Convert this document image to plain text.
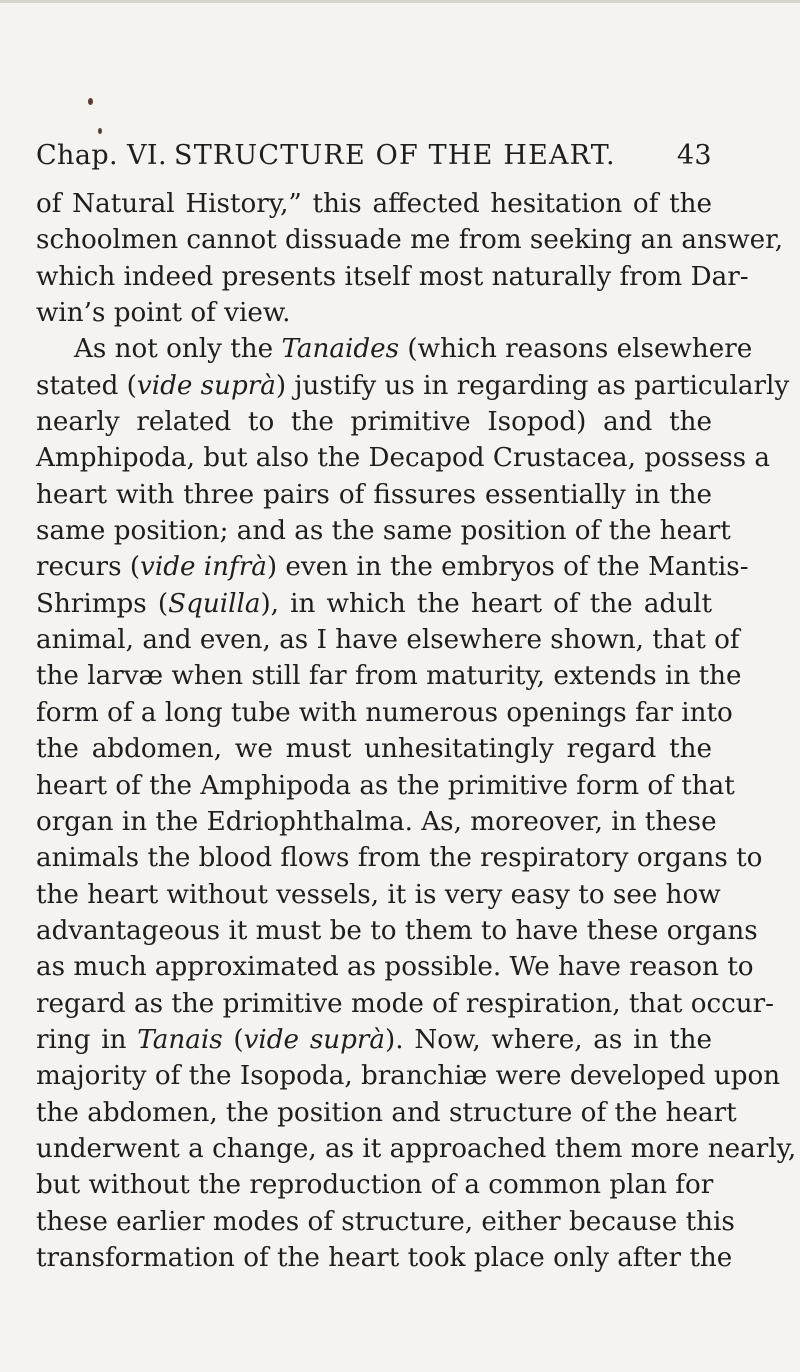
Chap. VI. STRUCTURE OF THE HEART. 43
of Natural History,” this affected hesitation of the
schoolmen cannot dissuade me from seeking an answer,
which indeed presents itself most naturally from Dar-
win’s point of view.
As not only the Tanaides (which reasons elsewhere
stated (vide suprà) justify us in regarding as particularly
nearly related to the primitive Isopod) and the
Amphipoda, but also the Decapod Crustacea, possess a
heart with three pairs of fissures essentially in the
same position; and as the same position of the heart
recurs (vide infrà) even in the embryos of the Mantis-
Shrimps (Squilla), in which the heart of the adult
animal, and even, as I have elsewhere shown, that of
the larvæ when still far from maturity, extends in the
form of a long tube with numerous openings far into
the abdomen, we must unhesitatingly regard the
heart of the Amphipoda as the primitive form of that
organ in the Edriophthalma. As, moreover, in these
animals the blood flows from the respiratory organs to
the heart without vessels, it is very easy to see how
advantageous it must be to them to have these organs
as much approximated as possible. We have reason to
regard as the primitive mode of respiration, that occur-
ring in Tanais (vide suprà). Now, where, as in the
majority of the Isopoda, branchiæ were developed upon
the abdomen, the position and structure of the heart
underwent a change, as it approached them more nearly,
but without the reproduction of a common plan for
these earlier modes of structure, either because this
transformation of the heart took place only after the
